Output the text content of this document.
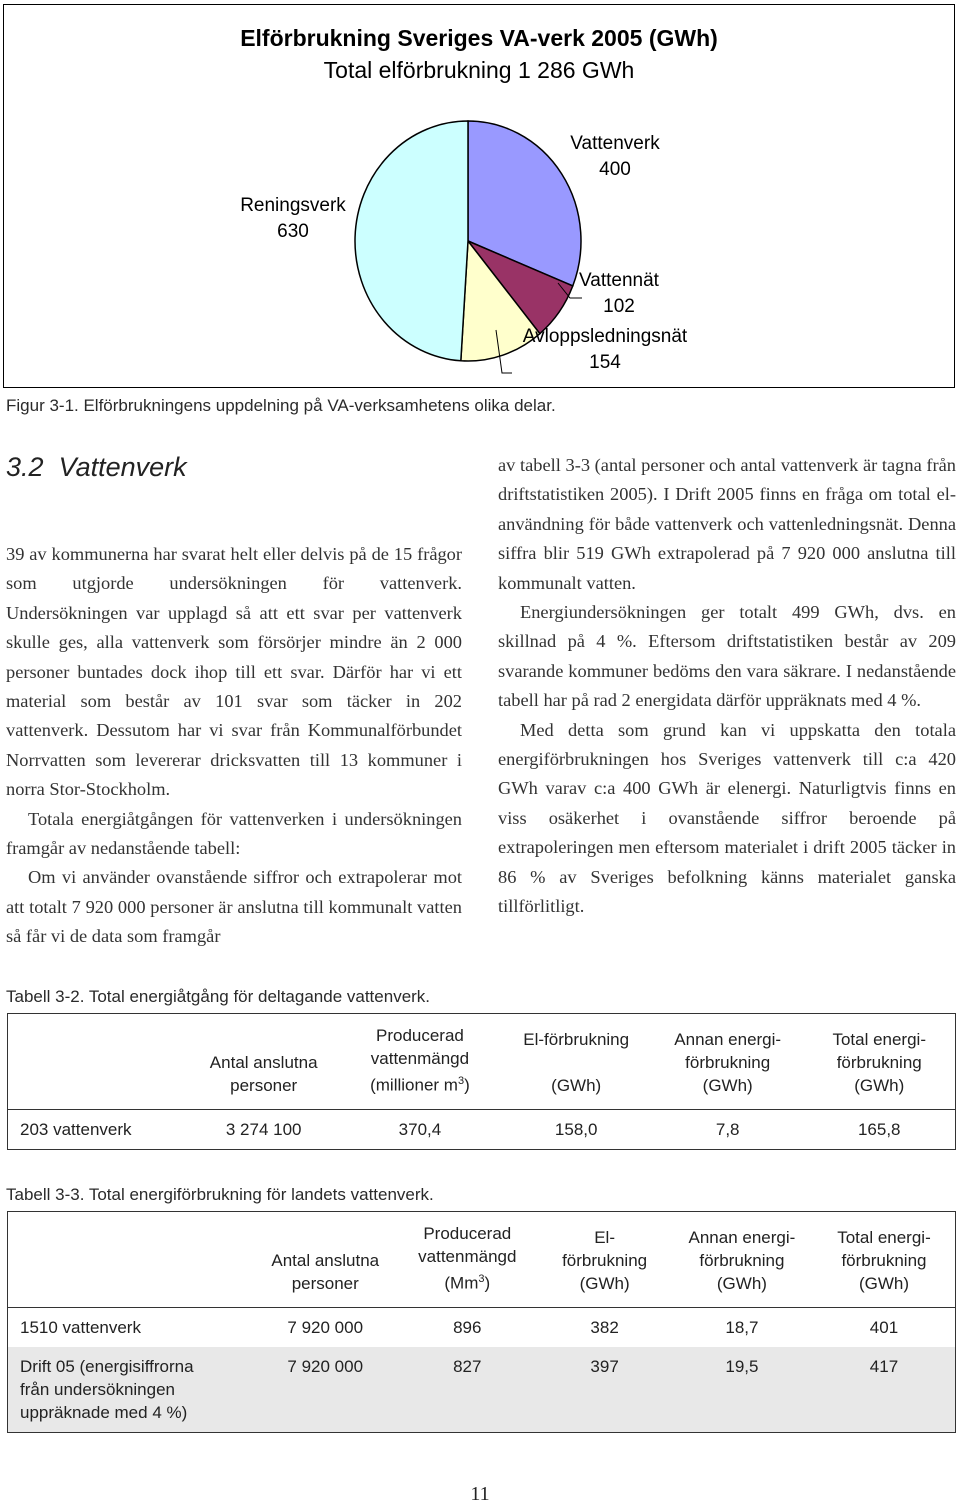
Elförbrukning Sveriges VA-verk 2005 (GWh)
Total elförbrukning 1 286 GWh
Vattenverk 400
Vattennät 102
Avloppsledningsnät 154
Reningsverk 630
Figur 3-1. Elförbrukningens uppdelning på VA-verksamhetens olika delar.
3.2 Vattenverk

39 av kommunerna har svarat helt eller delvis på de 15 frågor som utgjorde undersökningen för vattenverk. Undersökningen var upplagd så att ett svar per vattenverk skulle ges, alla vattenverk som försörjer mindre än 2 000 personer buntades dock ihop till ett svar. Därför har vi ett material som består av 101 svar som täcker in 202 vattenverk. Dessutom har vi svar från Kommunalförbundet Norrvatten som levererar dricksvatten till 13 kommuner i norra Stor-Stockholm.

Totala energiåtgången för vattenverken i undersökningen framgår av nedanstående tabell:

Om vi använder ovanstående siffror och extrapolerar mot att totalt 7 920 000 personer är anslutna till kommunalt vatten så får vi de data som framgår

av tabell 3-3 (antal personer och antal vattenverk är tagna från driftstatistiken 2005). I Drift 2005 finns en fråga om total el-användning för både vattenverk och vattenledningsnät. Denna siffra blir 519 GWh extrapolerad på 7 920 000 anslutna till kommunalt vatten.

Energiundersökningen ger totalt 499 GWh, dvs. en skillnad på 4 %. Eftersom driftstatistiken består av 209 svarande kommuner bedöms den vara säkrare. I nedanstående tabell har på rad 2 energidata därför uppräknats med 4 %.

Med detta som grund kan vi uppskatta den totala energiförbrukningen hos Sveriges vattenverk till c:a 420 GWh varav c:a 400 GWh är elenergi. Naturligtvis finns en viss osäkerhet i ovanstående siffror beroende på extrapoleringen men eftersom materialet i drift 2005 täcker in 86 % av Sveriges befolkning känns materialet ganska tillförlitligt.

Tabell 3-2. Total energiåtgång för deltagande vattenverk.
	Antal anslutna
personer	Producerad
vattenmängd
(millioner $m^3$)	El-förbrukning

(GWh)	Annan energi-
förbrukning
(GWh)	Total energi-
förbrukning
(GWh)
203 vattenverk	3 274 100	370,4	158,0	7,8	165,8
Tabell 3-3. Total energiförbrukning för landets vattenverk.
	Antal anslutna
personer	Producerad
vattenmängd
(Mm$^3$)	El-
förbrukning
(GWh)	Annan energi-
förbrukning
(GWh)	Total energi-
förbrukning
(GWh)
1510 vattenverk	7 920 000	896	382	18,7	401
Drift 05 (energisiffrorna
från undersökningen
uppräknade med 4 %)	7 920 000	827	397	19,5	417
11
